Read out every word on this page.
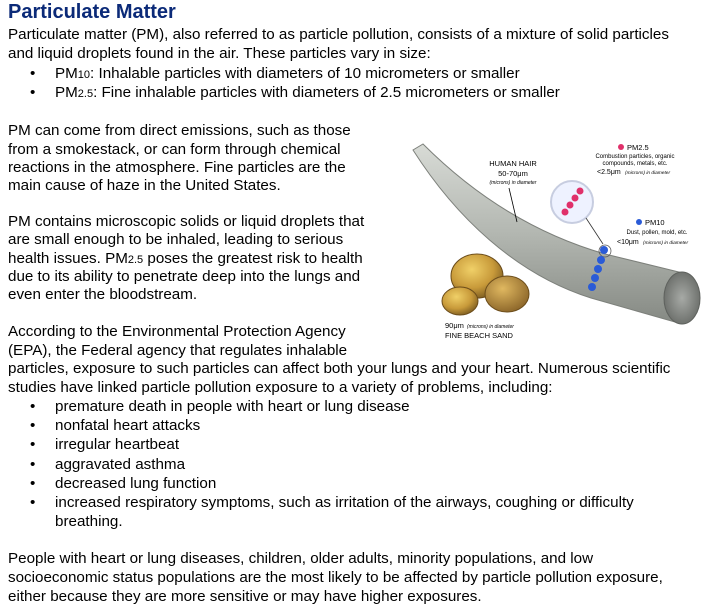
Particulate Matter
Particulate matter (PM), also referred to as particle pollution, consists of a mixture of solid particles
and liquid droplets found in the air. These particles vary in size:
PM10: Inhalable particles with diameters of 10 micrometers or smaller
PM2.5: Fine inhalable particles with diameters of 2.5 micrometers or smaller
PM can come from direct emissions, such as those
from a smokestack, or can form through chemical
reactions in the atmosphere. Fine particles are the
main cause of haze in the United States.
PM contains microscopic solids or liquid droplets that
are small enough to be inhaled, leading to serious
health issues. PM2.5 poses the greatest risk to health
due to its ability to penetrate deep into the lungs and
even enter the bloodstream.
According to the Environmental Protection Agency
(EPA), the Federal agency that regulates inhalable
particles, exposure to such particles can affect both your lungs and your heart. Numerous scientific
studies have linked particle pollution exposure to a variety of problems, including:
premature death in people with heart or lung disease
nonfatal heart attacks
irregular heartbeat
aggravated asthma
decreased lung function
increased respiratory symptoms, such as irritation of the airways, coughing or difficulty
breathing.
People with heart or lung diseases, children, older adults, minority populations, and low
socioeconomic status populations are the most likely to be affected by particle pollution exposure,
either because they are more sensitive or may have higher exposures.
HUMAN HAIR
50-70μm
(microns) in diameter
PM2.5
Combustion particles, organic
compounds, metals, etc.
<2.5μm (microns) in diameter
PM10
Dust, pollen, mold, etc.
<10μm (microns) in diameter
90μm (microns) in diameter
FINE BEACH SAND
